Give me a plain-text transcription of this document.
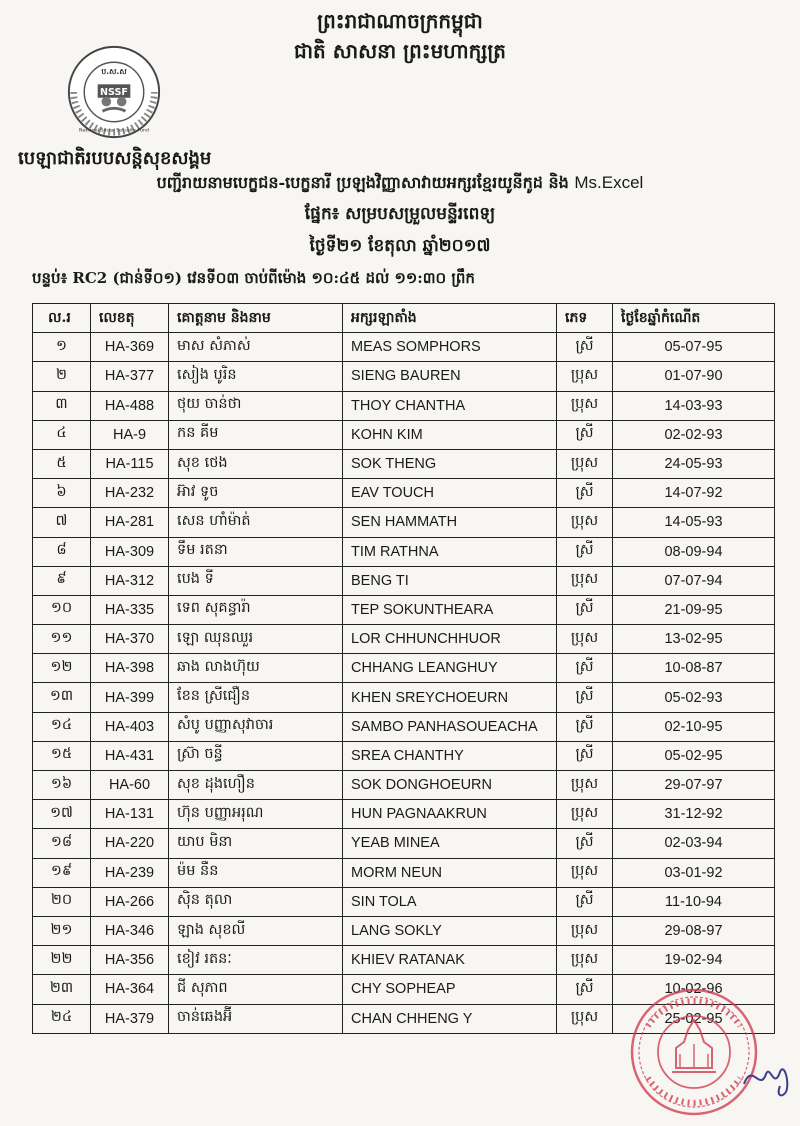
ព្រះរាជាណាចក្រកម្ពុជា
ជាតិ សាសនា ព្រះមហាក្សត្រ
ប.ស.ស
NSSF
National Social Security Fund
បេឡាជាតិរបបសន្តិសុខសង្គម
បញ្ជីរាយនាមបេក្ខជន-បេក្ខនារី ប្រឡងវិញ្ញាសាវាយអក្សរខ្មែរយូនីកូដ និង Ms.Excel
ផ្នែក៖ សម្របសម្រួលមន្ទីរពេទ្យ
ថ្ងៃទី២១ ខែតុលា ឆ្នាំ២០១៧
បន្ទប់៖ RC2 (ជាន់ទី០១) វេនទី០៣ ចាប់ពីម៉ោង ១០:៤៥ ដល់ ១១:៣០ ព្រឹក
ល.រ	លេខតុ	គោត្តនាម និងនាម	អក្សរឡាតាំង	ភេទ	ថ្ងៃខែឆ្នាំកំណើត
១	HA-369	មាស សំភាស់	MEAS SOMPHORS	ស្រី	05-07-95
២	HA-377	សៀង បូរិន	SIENG BAUREN	ប្រុស	01-07-90
៣	HA-488	ថុយ ចាន់ថា	THOY CHANTHA	ប្រុស	14-03-93
៤	HA-9	កន គីម	KOHN KIM	ស្រី	02-02-93
៥	HA-115	សុខ ថេង	SOK THENG	ប្រុស	24-05-93
៦	HA-232	អ៊ាវ ទូច	EAV TOUCH	ស្រី	14-07-92
៧	HA-281	សេន ហាំម៉ាត់	SEN HAMMATH	ប្រុស	14-05-93
៨	HA-309	ទឹម រតនា	TIM RATHNA	ស្រី	08-09-94
៩	HA-312	បេង ទី	BENG TI	ប្រុស	07-07-94
១០	HA-335	ទេព សុគន្ធារ៉ា	TEP SOKUNTHEARA	ស្រី	21-09-95
១១	HA-370	ឡោ ឈុនឈួរ	LOR CHHUNCHHUOR	ប្រុស	13-02-95
១២	HA-398	ឆាង លាងហ៊ុយ	CHHANG LEANGHUY	ស្រី	10-08-87
១៣	HA-399	ខែន ស្រីជឿន	KHEN SREYCHOEURN	ស្រី	05-02-93
១៤	HA-403	សំបូ បញ្ញាសុវាចារ	SAMBO PANHASOUEACHA	ស្រី	02-10-95
១៥	HA-431	ស្រ៊ា ចន្ធី	SREA CHANTHY	ស្រី	05-02-95
១៦	HA-60	សុខ ដុងហឿន	SOK DONGHOEURN	ប្រុស	29-07-97
១៧	HA-131	ហ៊ុន បញ្ញាអរុណ	HUN PAGNAAKRUN	ប្រុស	31-12-92
១៨	HA-220	យាប មិនា	YEAB MINEA	ស្រី	02-03-94
១៩	HA-239	ម៉ម នឺន	MORM NEUN	ប្រុស	03-01-92
២០	HA-266	ស៊ិន តុលា	SIN TOLA	ស្រី	11-10-94
២១	HA-346	ឡាង សុខលី	LANG SOKLY	ប្រុស	29-08-97
២២	HA-356	ខៀវ រតនៈ	KHIEV RATANAK	ប្រុស	19-02-94
២៣	HA-364	ជី សុភាព	CHY SOPHEAP	ស្រី	10-02-96
២៤	HA-379	ចាន់ឆេងអ៊ី	CHAN CHHENG Y	ប្រុស	25-02-95
